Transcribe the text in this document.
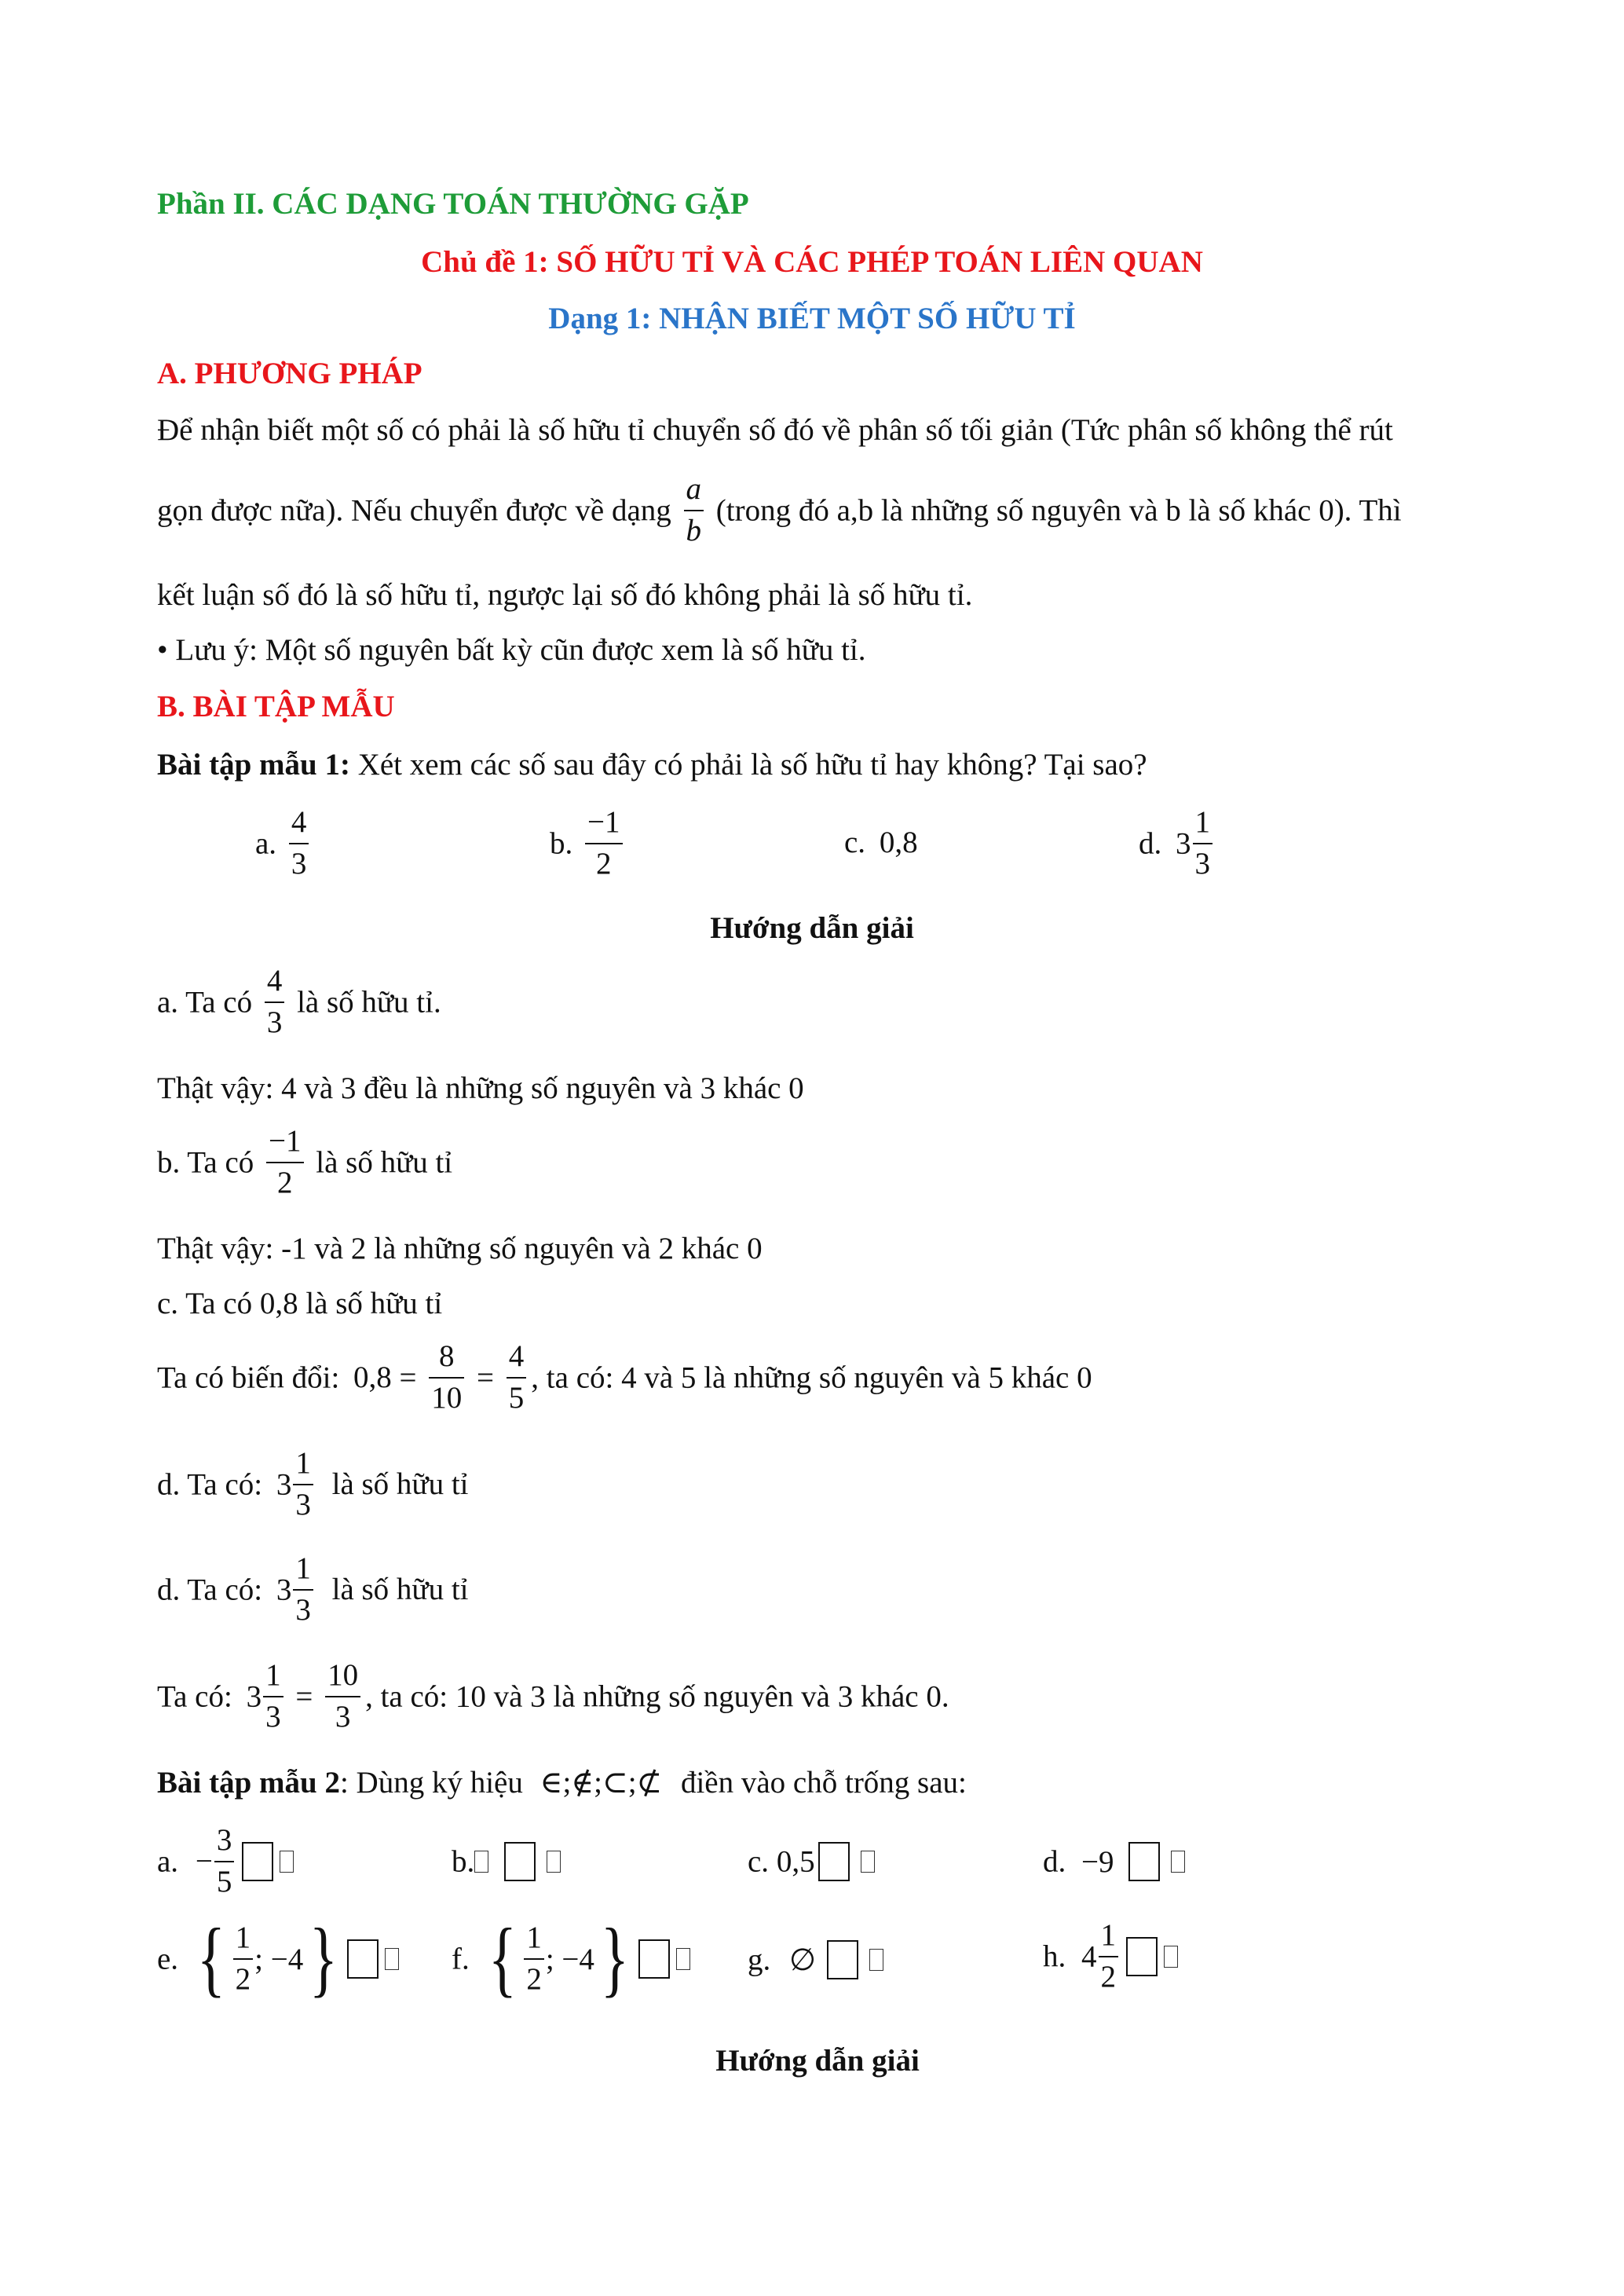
Phần II. CÁC DẠNG TOÁN THƯỜNG GẶP
Chủ đề 1: SỐ HỮU TỈ VÀ CÁC PHÉP TOÁN LIÊN QUAN
Dạng 1: NHẬN BIẾT MỘT SỐ HỮU TỈ
A. PHƯƠNG PHÁP
Để nhận biết một số có phải là số hữu tỉ chuyển số đó về phân số tối giản (Tức phân số không thể rút
gọn được nữa). Nếu chuyển được về dạng $\frac{a}{b}$ (trong đó a,b là những số nguyên và b là số khác 0). Thì
kết luận số đó là số hữu tỉ, ngược lại số đó không phải là số hữu tỉ.
• Lưu ý: Một số nguyên bất kỳ cũn được xem là số hữu tỉ.
B. BÀI TẬP MẪU
Bài tập mẫu 1: Xét xem các số sau đây có phải là số hữu tỉ hay không? Tại sao?
a. $\frac{4}{3}$	b. $\frac{-1}{2}$	c. 0,8	d. $3 \frac{1}{3}$
Hướng dẫn giải
a. Ta có $\frac{4}{3}$ là số hữu tỉ.
Thật vậy: 4 và 3 đều là những số nguyên và 3 khác 0
b. Ta có $\frac{-1}{2}$ là số hữu tỉ
Thật vậy: -1 và 2 là những số nguyên và 2 khác 0
c. Ta có 0,8 là số hữu tỉ
Ta có biến đổi: $0,8 = \frac{8}{10} = \frac{4}{5}$ , ta có: 4 và 5 là những số nguyên và 5 khác 0
d. Ta có: $3 \frac{1}{3}$ là số hữu tỉ
d. Ta có: $3 \frac{1}{3}$ là số hữu tỉ
Ta có: $3 \frac{1}{3} = \frac{10}{3}$ , ta có: 10 và 3 là những số nguyên và 3 khác 0.
Bài tập mẫu 2: Dùng ký hiệu ∈;∉;⊂;⊄ điền vào chỗ trống sau:
a. − $\frac{3}{5}$	b.	c. 0,5	d. −9
e. { $\frac{1}{2}$ ; −4 }	f. { $\frac{1}{2}$ ; −4 }	g. ∅	h. $4 \frac{1}{2}$
Hướng dẫn giải
